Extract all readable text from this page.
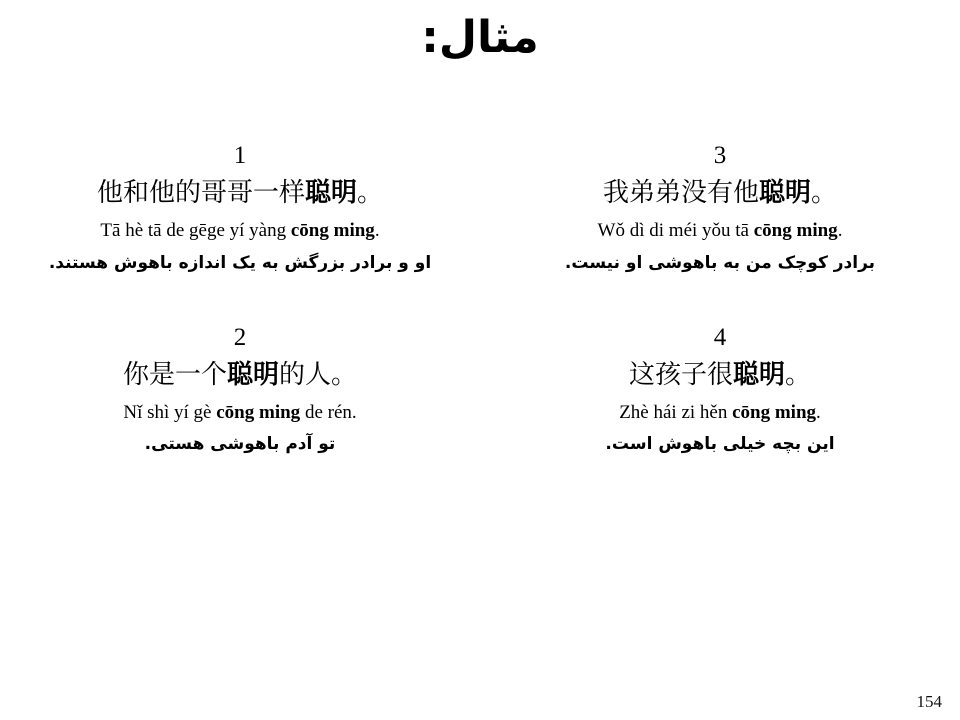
مثال:
1
他和他的哥哥一样聪明。
Tā hè tā de gēge yí yàng cōng ming.
او و برادر بزرگش به یک اندازه باهوش هستند.
3
我弟弟没有他聪明。
Wǒ dì di méi yǒu tā cōng ming.
برادر کوچک من به باهوشی او نیست.
2
你是一个聪明的人。
Nǐ shì yí gè cōng ming de rén.
تو آدم باهوشی هستی.
4
这孩子很聪明。
Zhè hái zi hěn cōng ming.
این بچه خیلی باهوش است.
154
